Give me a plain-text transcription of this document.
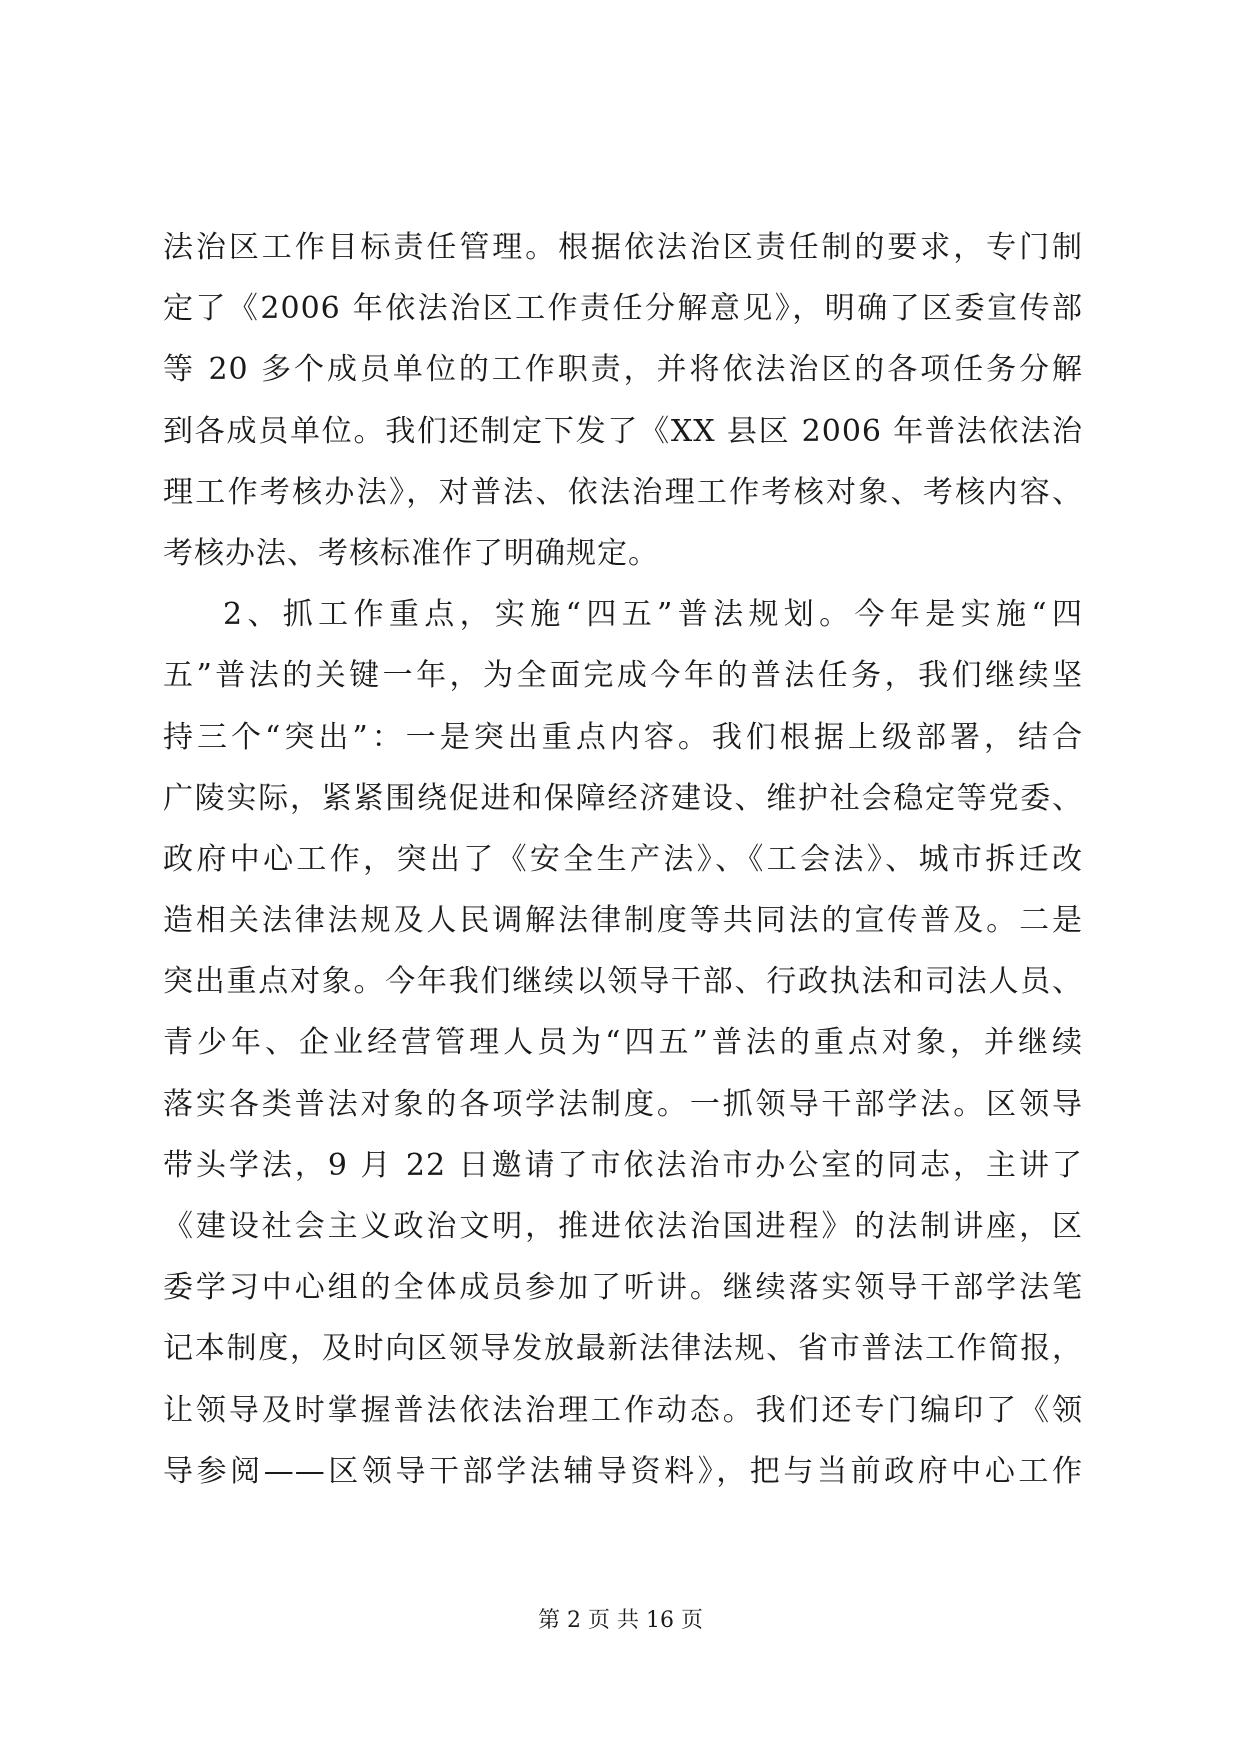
法治区工作目标责任管理。根据依法治区责任制的要求，专门制
定了《2006 年依法治区工作责任分解意见》，明确了区委宣传部
等 20 多个成员单位的工作职责，并将依法治区的各项任务分解
到各成员单位。我们还制定下发了《XX 县区 2006 年普法依法治
理工作考核办法》，对普法、依法治理工作考核对象、考核内容、
考核办法、考核标准作了明确规定。
2、抓工作重点，实施“四五”普法规划。今年是实施“四
五”普法的关键一年，为全面完成今年的普法任务，我们继续坚
持三个“突出”：一是突出重点内容。我们根据上级部署，结合
广陵实际，紧紧围绕促进和保障经济建设、维护社会稳定等党委、
政府中心工作，突出了《安全生产法》、《工会法》、城市拆迁改
造相关法律法规及人民调解法律制度等共同法的宣传普及。二是
突出重点对象。今年我们继续以领导干部、行政执法和司法人员、
青少年、企业经营管理人员为“四五”普法的重点对象，并继续
落实各类普法对象的各项学法制度。一抓领导干部学法。区领导
带头学法，9 月 22 日邀请了市依法治市办公室的同志，主讲了
《建设社会主义政治文明，推进依法治国进程》的法制讲座，区
委学习中心组的全体成员参加了听讲。继续落实领导干部学法笔
记本制度，及时向区领导发放最新法律法规、省市普法工作简报，
让领导及时掌握普法依法治理工作动态。我们还专门编印了《领
导参阅——区领导干部学法辅导资料》，把与当前政府中心工作
第 2 页 共 16 页
